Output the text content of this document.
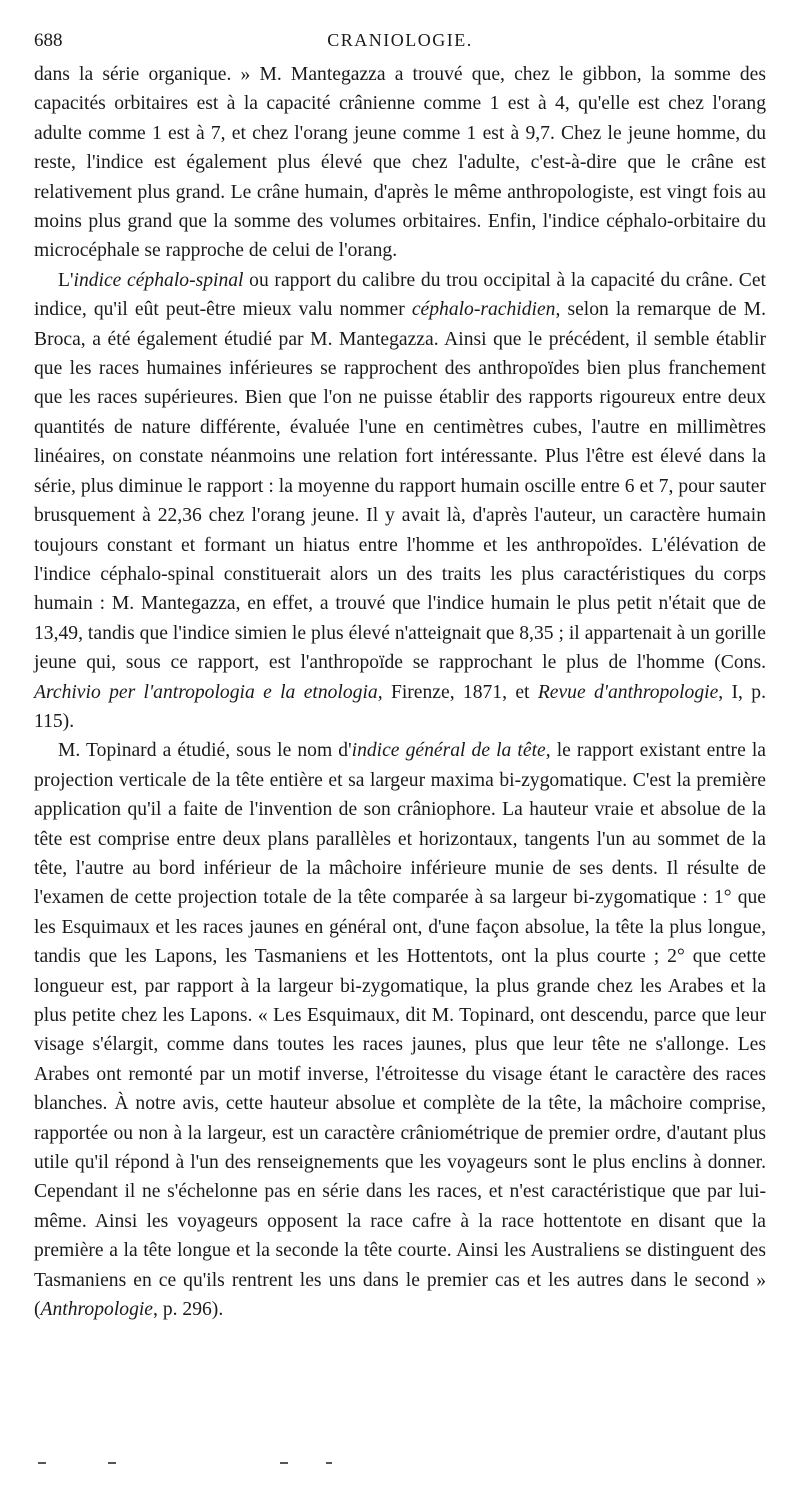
688	CRANIOLOGIE.

dans la série organique. » M. Mantegazza a trouvé que, chez le gibbon, la somme des capacités orbitaires est à la capacité crânienne comme 1 est à 4, qu'elle est chez l'orang adulte comme 1 est à 7, et chez l'orang jeune comme 1 est à 9,7. Chez le jeune homme, du reste, l'indice est également plus élevé que chez l'adulte, c'est-à-dire que le crâne est relativement plus grand. Le crâne humain, d'après le même anthropologiste, est vingt fois au moins plus grand que la somme des volumes orbitaires. Enfin, l'indice céphalo-orbitaire du microcéphale se rapproche de celui de l'orang.

L'indice céphalo-spinal ou rapport du calibre du trou occipital à la capacité du crâne. Cet indice, qu'il eût peut-être mieux valu nommer céphalo-rachidien, selon la remarque de M. Broca, a été également étudié par M. Mantegazza. Ainsi que le précédent, il semble établir que les races humaines inférieures se rapprochent des anthropoïdes bien plus franchement que les races supérieures. Bien que l'on ne puisse établir des rapports rigoureux entre deux quantités de nature différente, évaluée l'une en centimètres cubes, l'autre en millimètres linéaires, on constate néanmoins une relation fort intéressante. Plus l'être est élevé dans la série, plus diminue le rapport : la moyenne du rapport humain oscille entre 6 et 7, pour sauter brusquement à 22,36 chez l'orang jeune. Il y avait là, d'après l'auteur, un caractère humain toujours constant et formant un hiatus entre l'homme et les anthropoïdes. L'élévation de l'indice céphalo-spinal constituerait alors un des traits les plus caractéristiques du corps humain : M. Mantegazza, en effet, a trouvé que l'indice humain le plus petit n'était que de 13,49, tandis que l'indice simien le plus élevé n'atteignait que 8,35 ; il appartenait à un gorille jeune qui, sous ce rapport, est l'anthropoïde se rapprochant le plus de l'homme (Cons. Archivio per l'antropologia e la etnologia, Firenze, 1871, et Revue d'anthropologie, I, p. 115).

M. Topinard a étudié, sous le nom d'indice général de la tête, le rapport existant entre la projection verticale de la tête entière et sa largeur maxima bi-zygomatique. C'est la première application qu'il a faite de l'invention de son crâniophore. La hauteur vraie et absolue de la tête est comprise entre deux plans parallèles et horizontaux, tangents l'un au sommet de la tête, l'autre au bord inférieur de la mâchoire inférieure munie de ses dents. Il résulte de l'examen de cette projection totale de la tête comparée à sa largeur bi-zygomatique : 1° que les Esquimaux et les races jaunes en général ont, d'une façon absolue, la tête la plus longue, tandis que les Lapons, les Tasmaniens et les Hottentots, ont la plus courte ; 2° que cette longueur est, par rapport à la largeur bi-zygomatique, la plus grande chez les Arabes et la plus petite chez les Lapons. « Les Esquimaux, dit M. Topinard, ont descendu, parce que leur visage s'élargit, comme dans toutes les races jaunes, plus que leur tête ne s'allonge. Les Arabes ont remonté par un motif inverse, l'étroitesse du visage étant le caractère des races blanches. À notre avis, cette hauteur absolue et complète de la tête, la mâchoire comprise, rapportée ou non à la largeur, est un caractère crâniométrique de premier ordre, d'autant plus utile qu'il répond à l'un des renseignements que les voyageurs sont le plus enclins à donner. Cependant il ne s'échelonne pas en série dans les races, et n'est caractéristique que par lui-même. Ainsi les voyageurs opposent la race cafre à la race hottentote en disant que la première a la tête longue et la seconde la tête courte. Ainsi les Australiens se distinguent des Tasmaniens en ce qu'ils rentrent les uns dans le premier cas et les autres dans le second » (Anthropologie, p. 296).
